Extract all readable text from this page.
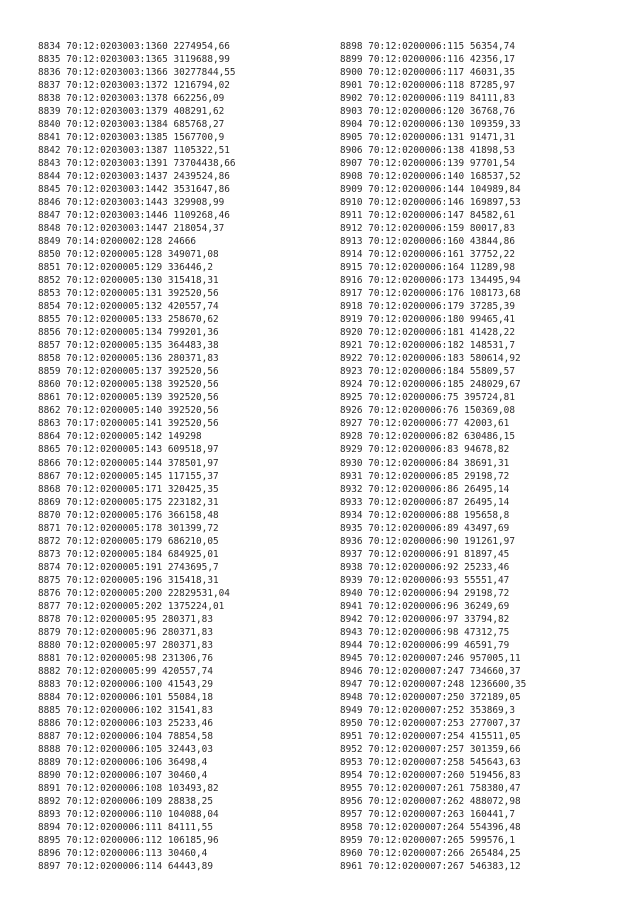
8834 70:12:0203003:1360 2274954,66
8835 70:12:0203003:1365 3119688,99
8836 70:12:0203003:1366 30277844,55
8837 70:12:0203003:1372 1216794,02
8838 70:12:0203003:1378 662256,09
8839 70:12:0203003:1379 408291,62
8840 70:12:0203003:1384 685768,27
8841 70:12:0203003:1385 1567700,9
8842 70:12:0203003:1387 1105322,51
8843 70:12:0203003:1391 73704438,66
8844 70:12:0203003:1437 2439524,86
8845 70:12:0203003:1442 3531647,86
8846 70:12:0203003:1443 329908,99
8847 70:12:0203003:1446 1109268,46
8848 70:12:0203003:1447 218054,37
8849 70:14:0200002:128 24666
8850 70:12:0200005:128 349071,08
8851 70:12:0200005:129 336446,2
8852 70:12:0200005:130 315418,31
8853 70:12:0200005:131 392520,56
8854 70:12:0200005:132 420557,74
8855 70:12:0200005:133 258670,62
8856 70:12:0200005:134 799201,36
8857 70:12:0200005:135 364483,38
8858 70:12:0200005:136 280371,83
8859 70:12:0200005:137 392520,56
8860 70:12:0200005:138 392520,56
8861 70:12:0200005:139 392520,56
8862 70:12:0200005:140 392520,56
8863 70:17:0200005:141 392520,56
8864 70:12:0200005:142 149298
8865 70:12:0200005:143 609518,97
8866 70:12:0200005:144 378501,97
8867 70:12:0200005:145 117155,37
8868 70:12:0200005:171 320425,35
8869 70:12:0200005:175 223182,31
8870 70:12:0200005:176 366158,48
8871 70:12:0200005:178 301399,72
8872 70:12:0200005:179 686210,05
8873 70:12:0200005:184 684925,01
8874 70:12:0200005:191 2743695,7
8875 70:12:0200005:196 315418,31
8876 70:12:0200005:200 22829531,04
8877 70:12:0200005:202 1375224,01
8878 70:12:0200005:95 280371,83
8879 70:12:0200005:96 280371,83
8880 70:12:0200005:97 280371,83
8881 70:12:0200005:98 231306,76
8882 70:12:0200005:99 420557,74
8883 70:12:0200006:100 41543,29
8884 70:12:0200006:101 55084,18
8885 70:12:0200006:102 31541,83
8886 70:12:0200006:103 25233,46
8887 70:12:0200006:104 78854,58
8888 70:12:0200006:105 32443,03
8889 70:12:0200006:106 36498,4
8890 70:12:0200006:107 30460,4
8891 70:12:0200006:108 103493,82
8892 70:12:0200006:109 28838,25
8893 70:12:0200006:110 104088,04
8894 70:12:0200006:111 84111,55
8895 70:12:0200006:112 106185,96
8896 70:12:0200006:113 30460,4
8897 70:12:0200006:114 64443,89
8898 70:12:0200006:115 56354,74
8899 70:12:0200006:116 42356,17
8900 70:12:0200006:117 46031,35
8901 70:12:0200006:118 87285,97
8902 70:12:0200006:119 84111,83
8903 70:12:0200006:120 36768,76
8904 70:12:0200006:130 109359,33
8905 70:12:0200006:131 91471,31
8906 70:12:0200006:138 41898,53
8907 70:12:0200006:139 97701,54
8908 70:12:0200006:140 168537,52
8909 70:12:0200006:144 104989,84
8910 70:12:0200006:146 169897,53
8911 70:12:0200006:147 84582,61
8912 70:12:0200006:159 80017,83
8913 70:12:0200006:160 43844,86
8914 70:12:0200006:161 37752,22
8915 70:12:0200006:164 11289,98
8916 70:12:0200006:173 134495,94
8917 70:12:0200006:176 108173,68
8918 70:12:0200006:179 37285,39
8919 70:12:0200006:180 99465,41
8920 70:12:0200006:181 41428,22
8921 70:12:0200006:182 148531,7
8922 70:12:0200006:183 580614,92
8923 70:12:0200006:184 55809,57
8924 70:12:0200006:185 248029,67
8925 70:12:0200006:75 395724,81
8926 70:12:0200006:76 150369,08
8927 70:12:0200006:77 42003,61
8928 70:12:0200006:82 630486,15
8929 70:12:0200006:83 94678,82
8930 70:12:0200006:84 38691,31
8931 70:12:0200006:85 29198,72
8932 70:12:0200006:86 26495,14
8933 70:12:0200006:87 26495,14
8934 70:12:0200006:88 195658,8
8935 70:12:0200006:89 43497,69
8936 70:12:0200006:90 191261,97
8937 70:12:0200006:91 81897,45
8938 70:12:0200006:92 25233,46
8939 70:12:0200006:93 55551,47
8940 70:12:0200006:94 29198,72
8941 70:12:0200006:96 36249,69
8942 70:12:0200006:97 33794,82
8943 70:12:0200006:98 47312,75
8944 70:12:0200006:99 46591,79
8945 70:12:0200007:246 957005,11
8946 70:12:0200007:247 734660,37
8947 70:12:0200007:248 1236600,35
8948 70:12:0200007:250 372189,05
8949 70:12:0200007:252 353869,3
8950 70:12:0200007:253 277007,37
8951 70:12:0200007:254 415511,05
8952 70:12:0200007:257 301359,66
8953 70:12:0200007:258 545643,63
8954 70:12:0200007:260 519456,83
8955 70:12:0200007:261 758380,47
8956 70:12:0200007:262 488072,98
8957 70:12:0200007:263 160441,7
8958 70:12:0200007:264 554396,48
8959 70:12:0200007:265 599576,1
8960 70:12:0200007:266 265484,25
8961 70:12:0200007:267 546383,12
